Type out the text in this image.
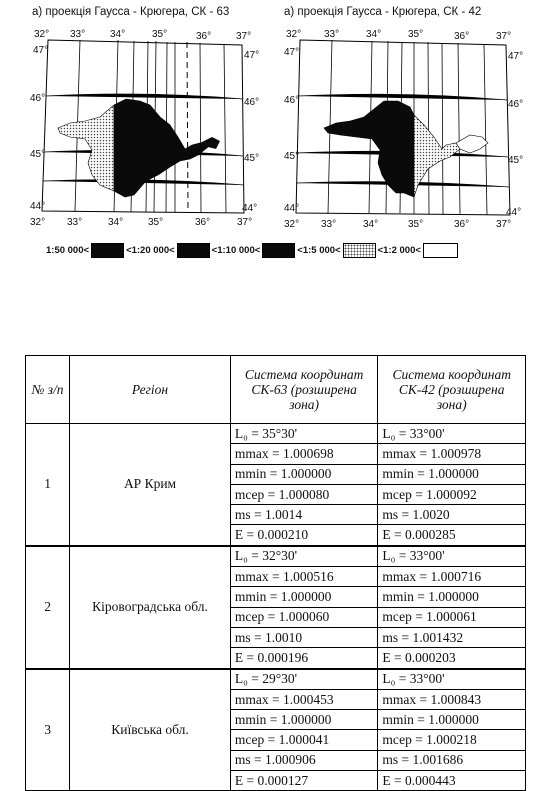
а) проекція Гаусса - Крюгера, СК - 63	а) проекція Гаусса - Крюгера, СК - 42
32° 33° 34°	35°	36° 37°
32° 33°	34° 35°	36°	37°
47°
46°
45°
44°
47°
46°
45°
44°
32° 33°	34°	35°	36°	37°
32° 33°	34°	35°	36°	37°
47°
46°
45°
44°
47°
46°
45°
44°
1:50 000<	<1:20 000<	<1:10 000<	<1:5 000<	<1:2 000<
№ з/п	Регіон	Система координат СК-63 (розширена зона)	Система координат СК-42 (розширена зона)
1	АР Крим	L₀ = 35°30'	L₀ = 33°00'
		mmax = 1.000698	mmax = 1.000978
		mmin = 1.000000	mmin = 1.000000
		mсер = 1.000080	mсер = 1.000092
		ms = 1.0014	ms = 1.0020
		E = 0.000210	E = 0.000285
2	Кіровоградська обл.	L₀ = 32°30'	L₀ = 33°00'
		mmax = 1.000516	mmax = 1.000716
		mmin = 1.000000	mmin = 1.000000
		mсер = 1.000060	mсер = 1.000061
		ms = 1.0010	ms = 1.001432
		E = 0.000196	E = 0.000203
3	Київська обл.	L₀ = 29°30'	L₀ = 33°00'
		mmax = 1.000453	mmax = 1.000843
		mmin = 1.000000	mmin = 1.000000
		mсер = 1.000041	mсер = 1.000218
		ms = 1.000906	ms = 1.001686
		E = 0.000127	E = 0.000443
